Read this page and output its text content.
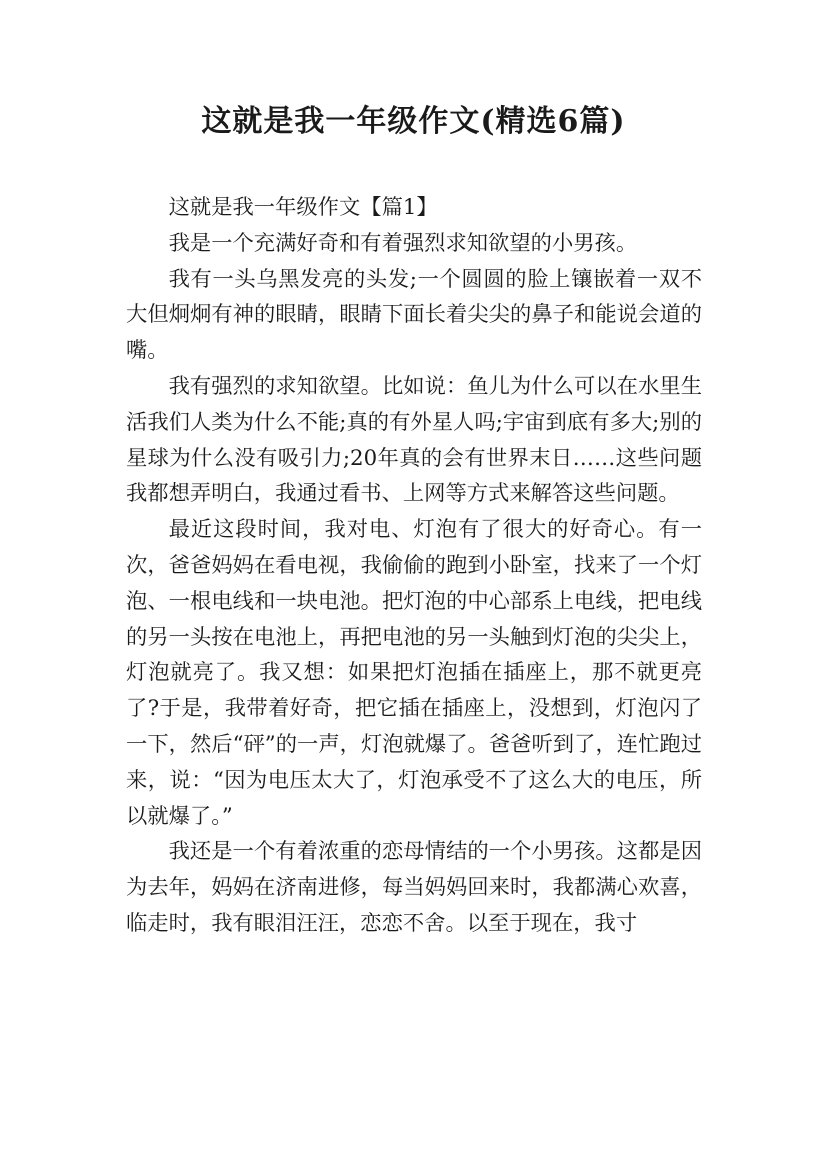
这就是我一年级作文(精选6篇)

这就是我一年级作文【篇1】

我是一个充满好奇和有着强烈求知欲望的小男孩。

我有一头乌黑发亮的头发;一个圆圆的脸上镶嵌着一双不大但炯炯有神的眼睛，眼睛下面长着尖尖的鼻子和能说会道的嘴。

我有强烈的求知欲望。比如说：鱼儿为什么可以在水里生活我们人类为什么不能;真的有外星人吗;宇宙到底有多大;别的星球为什么没有吸引力;20年真的会有世界末日……这些问题我都想弄明白，我通过看书、上网等方式来解答这些问题。

最近这段时间，我对电、灯泡有了很大的好奇心。有一次，爸爸妈妈在看电视，我偷偷的跑到小卧室，找来了一个灯泡、一根电线和一块电池。把灯泡的中心部系上电线，把电线的另一头按在电池上，再把电池的另一头触到灯泡的尖尖上，灯泡就亮了。我又想：如果把灯泡插在插座上，那不就更亮了?于是，我带着好奇，把它插在插座上，没想到，灯泡闪了一下，然后“砰”的一声，灯泡就爆了。爸爸听到了，连忙跑过来，说：“因为电压太大了，灯泡承受不了这么大的电压，所以就爆了。”

我还是一个有着浓重的恋母情结的一个小男孩。这都是因为去年，妈妈在济南进修，每当妈妈回来时，我都满心欢喜，临走时，我有眼泪汪汪，恋恋不舍。以至于现在，我寸
